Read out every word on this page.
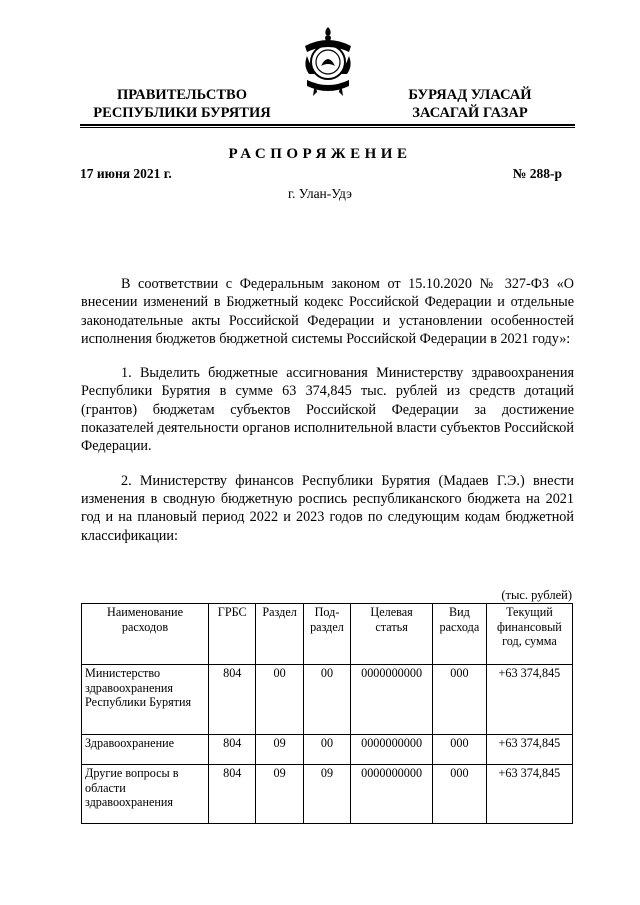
ПРАВИТЕЛЬСТВО
РЕСПУБЛИКИ БУРЯТИЯ
БУРЯАД УЛАСАЙ
ЗАСАГАЙ ГАЗАР
РАСПОРЯЖЕНИЕ
17 июня 2021 г.	№ 288-р
г. Улан-Удэ

В соответствии с Федеральным законом от 15.10.2020 № 327-ФЗ «О внесении изменений в Бюджетный кодекс Российской Федерации и отдельные законодательные акты Российской Федерации и установлении особенностей исполнения бюджетов бюджетной системы Российской Федерации в 2021 году»:

1. Выделить бюджетные ассигнования Министерству здравоохранения Республики Бурятия в сумме 63 374,845 тыс. рублей из средств дотаций (грантов) бюджетам субъектов Российской Федерации за достижение показателей деятельности органов исполнительной власти субъектов Российской Федерации.

2. Министерству финансов Республики Бурятия (Мадаев Г.Э.) внести изменения в сводную бюджетную роспись республиканского бюджета на 2021 год и на плановый период 2022 и 2023 годов по следующим кодам бюджетной классификации:

(тыс. рублей)
Наименование расходов	ГРБС	Раздел	Под-раздел	Целевая статья	Вид расхода	Текущий финансовый год, сумма
Министерство здравоохранения Республики Бурятия	804	00	00	0000000000	000	+63 374,845
Здравоохранение	804	09	00	0000000000	000	+63 374,845
Другие вопросы в области здравоохранения	804	09	09	0000000000	000	+63 374,845
